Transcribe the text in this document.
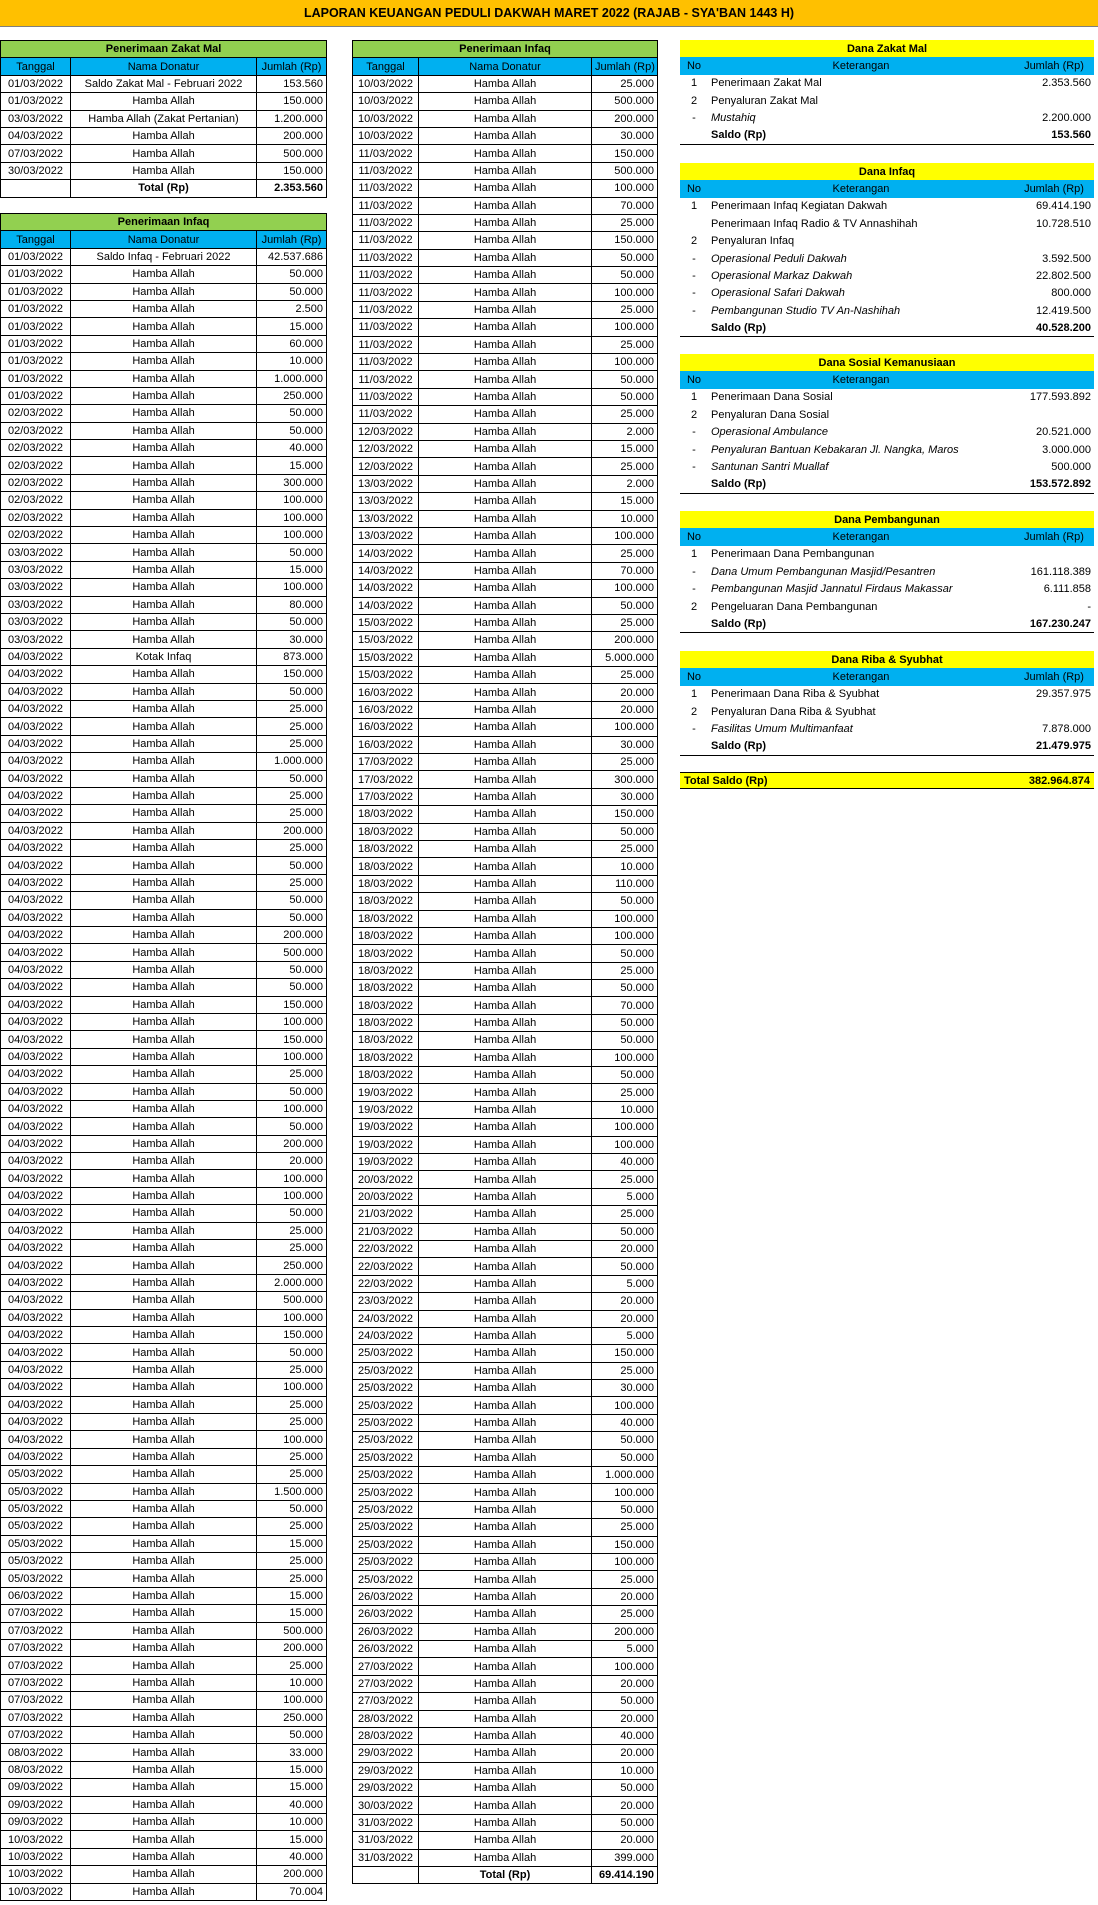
LAPORAN KEUANGAN PEDULI DAKWAH MARET 2022 (RAJAB - SYA'BAN 1443 H)
Penerimaan Zakat Mal		
Tanggal	Nama Donatur	Jumlah (Rp)
01/03/2022	Saldo Zakat Mal - Februari 2022	153.560
01/03/2022	Hamba Allah	150.000
03/03/2022	Hamba Allah (Zakat Pertanian)	1.200.000
04/03/2022	Hamba Allah	200.000
07/03/2022	Hamba Allah	500.000
30/03/2022	Hamba Allah	150.000
	Total (Rp)	2.353.560
Penerimaan Infaq		
Tanggal	Nama Donatur	Jumlah (Rp)
01/03/2022	Saldo Infaq - Februari 2022	42.537.686
01/03/2022	Hamba Allah	50.000
01/03/2022	Hamba Allah	50.000
01/03/2022	Hamba Allah	2.500
01/03/2022	Hamba Allah	15.000
01/03/2022	Hamba Allah	60.000
01/03/2022	Hamba Allah	10.000
01/03/2022	Hamba Allah	1.000.000
01/03/2022	Hamba Allah	250.000
02/03/2022	Hamba Allah	50.000
02/03/2022	Hamba Allah	50.000
02/03/2022	Hamba Allah	40.000
02/03/2022	Hamba Allah	15.000
02/03/2022	Hamba Allah	300.000
02/03/2022	Hamba Allah	100.000
02/03/2022	Hamba Allah	100.000
02/03/2022	Hamba Allah	100.000
03/03/2022	Hamba Allah	50.000
03/03/2022	Hamba Allah	15.000
03/03/2022	Hamba Allah	100.000
03/03/2022	Hamba Allah	80.000
03/03/2022	Hamba Allah	50.000
03/03/2022	Hamba Allah	30.000
04/03/2022	Kotak Infaq	873.000
04/03/2022	Hamba Allah	150.000
04/03/2022	Hamba Allah	50.000
04/03/2022	Hamba Allah	25.000
04/03/2022	Hamba Allah	25.000
04/03/2022	Hamba Allah	25.000
04/03/2022	Hamba Allah	1.000.000
04/03/2022	Hamba Allah	50.000
04/03/2022	Hamba Allah	25.000
04/03/2022	Hamba Allah	25.000
04/03/2022	Hamba Allah	200.000
04/03/2022	Hamba Allah	25.000
04/03/2022	Hamba Allah	50.000
04/03/2022	Hamba Allah	25.000
04/03/2022	Hamba Allah	50.000
04/03/2022	Hamba Allah	50.000
04/03/2022	Hamba Allah	200.000
04/03/2022	Hamba Allah	500.000
04/03/2022	Hamba Allah	50.000
04/03/2022	Hamba Allah	50.000
04/03/2022	Hamba Allah	150.000
04/03/2022	Hamba Allah	100.000
04/03/2022	Hamba Allah	150.000
04/03/2022	Hamba Allah	100.000
04/03/2022	Hamba Allah	25.000
04/03/2022	Hamba Allah	50.000
04/03/2022	Hamba Allah	100.000
04/03/2022	Hamba Allah	50.000
04/03/2022	Hamba Allah	200.000
04/03/2022	Hamba Allah	20.000
04/03/2022	Hamba Allah	100.000
04/03/2022	Hamba Allah	100.000
04/03/2022	Hamba Allah	50.000
04/03/2022	Hamba Allah	25.000
04/03/2022	Hamba Allah	25.000
04/03/2022	Hamba Allah	250.000
04/03/2022	Hamba Allah	2.000.000
04/03/2022	Hamba Allah	500.000
04/03/2022	Hamba Allah	100.000
04/03/2022	Hamba Allah	150.000
04/03/2022	Hamba Allah	50.000
04/03/2022	Hamba Allah	25.000
04/03/2022	Hamba Allah	100.000
04/03/2022	Hamba Allah	25.000
04/03/2022	Hamba Allah	25.000
04/03/2022	Hamba Allah	100.000
04/03/2022	Hamba Allah	25.000
05/03/2022	Hamba Allah	25.000
05/03/2022	Hamba Allah	1.500.000
05/03/2022	Hamba Allah	50.000
05/03/2022	Hamba Allah	25.000
05/03/2022	Hamba Allah	15.000
05/03/2022	Hamba Allah	25.000
05/03/2022	Hamba Allah	25.000
06/03/2022	Hamba Allah	15.000
07/03/2022	Hamba Allah	15.000
07/03/2022	Hamba Allah	500.000
07/03/2022	Hamba Allah	200.000
07/03/2022	Hamba Allah	25.000
07/03/2022	Hamba Allah	10.000
07/03/2022	Hamba Allah	100.000
07/03/2022	Hamba Allah	250.000
07/03/2022	Hamba Allah	50.000
08/03/2022	Hamba Allah	33.000
08/03/2022	Hamba Allah	15.000
09/03/2022	Hamba Allah	15.000
09/03/2022	Hamba Allah	40.000
09/03/2022	Hamba Allah	10.000
10/03/2022	Hamba Allah	15.000
10/03/2022	Hamba Allah	40.000
10/03/2022	Hamba Allah	200.000
10/03/2022	Hamba Allah	70.004
Penerimaan Infaq		
Tanggal	Nama Donatur	Jumlah (Rp)
10/03/2022	Hamba Allah	25.000
10/03/2022	Hamba Allah	500.000
10/03/2022	Hamba Allah	200.000
10/03/2022	Hamba Allah	30.000
11/03/2022	Hamba Allah	150.000
11/03/2022	Hamba Allah	500.000
11/03/2022	Hamba Allah	100.000
11/03/2022	Hamba Allah	70.000
11/03/2022	Hamba Allah	25.000
11/03/2022	Hamba Allah	150.000
11/03/2022	Hamba Allah	50.000
11/03/2022	Hamba Allah	50.000
11/03/2022	Hamba Allah	100.000
11/03/2022	Hamba Allah	25.000
11/03/2022	Hamba Allah	100.000
11/03/2022	Hamba Allah	25.000
11/03/2022	Hamba Allah	100.000
11/03/2022	Hamba Allah	50.000
11/03/2022	Hamba Allah	50.000
11/03/2022	Hamba Allah	25.000
12/03/2022	Hamba Allah	2.000
12/03/2022	Hamba Allah	15.000
12/03/2022	Hamba Allah	25.000
13/03/2022	Hamba Allah	2.000
13/03/2022	Hamba Allah	15.000
13/03/2022	Hamba Allah	10.000
13/03/2022	Hamba Allah	100.000
14/03/2022	Hamba Allah	25.000
14/03/2022	Hamba Allah	70.000
14/03/2022	Hamba Allah	100.000
14/03/2022	Hamba Allah	50.000
15/03/2022	Hamba Allah	25.000
15/03/2022	Hamba Allah	200.000
15/03/2022	Hamba Allah	5.000.000
15/03/2022	Hamba Allah	25.000
16/03/2022	Hamba Allah	20.000
16/03/2022	Hamba Allah	20.000
16/03/2022	Hamba Allah	100.000
16/03/2022	Hamba Allah	30.000
17/03/2022	Hamba Allah	25.000
17/03/2022	Hamba Allah	300.000
17/03/2022	Hamba Allah	30.000
18/03/2022	Hamba Allah	150.000
18/03/2022	Hamba Allah	50.000
18/03/2022	Hamba Allah	25.000
18/03/2022	Hamba Allah	10.000
18/03/2022	Hamba Allah	110.000
18/03/2022	Hamba Allah	50.000
18/03/2022	Hamba Allah	100.000
18/03/2022	Hamba Allah	100.000
18/03/2022	Hamba Allah	50.000
18/03/2022	Hamba Allah	25.000
18/03/2022	Hamba Allah	50.000
18/03/2022	Hamba Allah	70.000
18/03/2022	Hamba Allah	50.000
18/03/2022	Hamba Allah	50.000
18/03/2022	Hamba Allah	100.000
18/03/2022	Hamba Allah	50.000
19/03/2022	Hamba Allah	25.000
19/03/2022	Hamba Allah	10.000
19/03/2022	Hamba Allah	100.000
19/03/2022	Hamba Allah	100.000
19/03/2022	Hamba Allah	40.000
20/03/2022	Hamba Allah	25.000
20/03/2022	Hamba Allah	5.000
21/03/2022	Hamba Allah	25.000
21/03/2022	Hamba Allah	50.000
22/03/2022	Hamba Allah	20.000
22/03/2022	Hamba Allah	50.000
22/03/2022	Hamba Allah	5.000
23/03/2022	Hamba Allah	20.000
24/03/2022	Hamba Allah	20.000
24/03/2022	Hamba Allah	5.000
25/03/2022	Hamba Allah	150.000
25/03/2022	Hamba Allah	25.000
25/03/2022	Hamba Allah	30.000
25/03/2022	Hamba Allah	100.000
25/03/2022	Hamba Allah	40.000
25/03/2022	Hamba Allah	50.000
25/03/2022	Hamba Allah	50.000
25/03/2022	Hamba Allah	1.000.000
25/03/2022	Hamba Allah	100.000
25/03/2022	Hamba Allah	50.000
25/03/2022	Hamba Allah	25.000
25/03/2022	Hamba Allah	150.000
25/03/2022	Hamba Allah	100.000
25/03/2022	Hamba Allah	25.000
26/03/2022	Hamba Allah	20.000
26/03/2022	Hamba Allah	25.000
26/03/2022	Hamba Allah	200.000
26/03/2022	Hamba Allah	5.000
27/03/2022	Hamba Allah	100.000
27/03/2022	Hamba Allah	20.000
27/03/2022	Hamba Allah	50.000
28/03/2022	Hamba Allah	20.000
28/03/2022	Hamba Allah	40.000
29/03/2022	Hamba Allah	20.000
29/03/2022	Hamba Allah	10.000
29/03/2022	Hamba Allah	50.000
30/03/2022	Hamba Allah	20.000
31/03/2022	Hamba Allah	50.000
31/03/2022	Hamba Allah	20.000
31/03/2022	Hamba Allah	399.000
	Total (Rp)	69.414.190
Dana Zakat Mal		
No	Keterangan	Jumlah (Rp)
1	Penerimaan Zakat Mal	2.353.560
2	Penyaluran Zakat Mal	
-	Mustahiq	2.200.000
	Saldo (Rp)	153.560
Dana Infaq		
No	Keterangan	Jumlah (Rp)
1	Penerimaan Infaq Kegiatan Dakwah	69.414.190
	Penerimaan Infaq Radio & TV Annashihah	10.728.510
2	Penyaluran Infaq	
-	Operasional Peduli Dakwah	3.592.500
-	Operasional Markaz Dakwah	22.802.500
-	Operasional Safari Dakwah	800.000
-	Pembangunan Studio TV An-Nashihah	12.419.500
	Saldo (Rp)	40.528.200
Dana Sosial Kemanusiaan		
No	Keterangan	
1	Penerimaan Dana Sosial	177.593.892
2	Penyaluran Dana Sosial	
-	Operasional Ambulance	20.521.000
-	Penyaluran Bantuan Kebakaran Jl. Nangka, Maros	3.000.000
-	Santunan Santri Muallaf	500.000
	Saldo (Rp)	153.572.892
Dana Pembangunan		
No	Keterangan	Jumlah (Rp)
1	Penerimaan Dana Pembangunan	
-	Dana Umum Pembangunan Masjid/Pesantren	161.118.389
-	Pembangunan Masjid Jannatul Firdaus Makassar	6.111.858
2	Pengeluaran Dana Pembangunan	-
	Saldo (Rp)	167.230.247
Dana Riba & Syubhat		
No	Keterangan	Jumlah (Rp)
1	Penerimaan Dana Riba & Syubhat	29.357.975
2	Penyaluran Dana Riba & Syubhat	
-	Fasilitas Umum Multimanfaat	7.878.000
	Saldo (Rp)	21.479.975
Total Saldo (Rp)	382.964.874
